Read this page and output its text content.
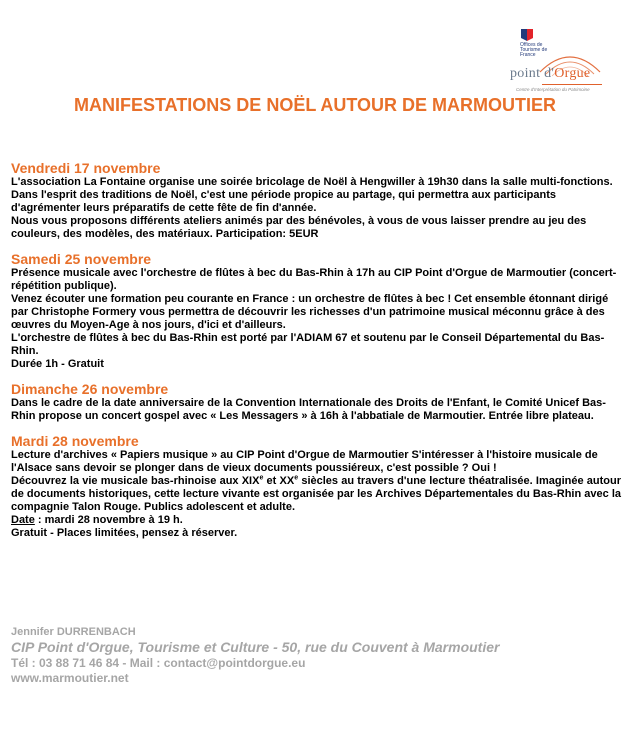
Offices de Tourisme de France
point d'Orgue
Centre d'Interprétation du Patrimoine
MANIFESTATIONS DE NOËL AUTOUR DE MARMOUTIER
Vendredi 17 novembre

L'association La Fontaine organise une soirée bricolage de Noël à Hengwiller à 19h30 dans la salle multi-fonctions. Dans l'esprit des traditions de Noël, c'est une période propice au partage, qui permettra aux participants d'agrémenter leurs préparatifs de cette fête de fin d'année.

Nous vous proposons différents ateliers animés par des bénévoles, à vous de vous laisser prendre au jeu des couleurs, des modèles, des matériaux. Participation: 5EUR

Samedi 25 novembre

Présence musicale avec l'orchestre de flûtes à bec du Bas-Rhin à 17h au CIP Point d'Orgue de Marmoutier (concert-répétition publique).

Venez écouter une formation peu courante en France : un orchestre de flûtes à bec ! Cet ensemble étonnant dirigé par Christophe Formery vous permettra de découvrir les richesses d'un patrimoine musical méconnu grâce à des œuvres du Moyen-Age à nos jours, d'ici et d'ailleurs.

L'orchestre de flûtes à bec du Bas-Rhin est porté par l'ADIAM 67 et soutenu par le Conseil Départemental du Bas-Rhin.

Durée 1h - Gratuit

Dimanche 26 novembre

Dans le cadre de la date anniversaire de la Convention Internationale des Droits de l'Enfant, le Comité Unicef Bas-Rhin propose un concert gospel avec « Les Messagers » à 16h à l'abbatiale de Marmoutier. Entrée libre plateau.

Mardi 28 novembre

Lecture d'archives « Papiers musique » au CIP Point d'Orgue de Marmoutier S'intéresser à l'histoire musicale de l'Alsace sans devoir se plonger dans de vieux documents poussiéreux, c'est possible ? Oui !

Découvrez la vie musicale bas-rhinoise aux XIXe et XXe siècles au travers d'une lecture théatralisée. Imaginée autour de documents historiques, cette lecture vivante est organisée par les Archives Départementales du Bas-Rhin avec la compagnie Talon Rouge. Publics adolescent et adulte.

Date : mardi 28 novembre à 19 h.

Gratuit - Places limitées, pensez à réserver.

Jennifer DURRENBACH
CIP Point d'Orgue, Tourisme et Culture - 50, rue du Couvent à Marmoutier
Tél : 03 88 71 46 84 - Mail : contact@pointdorgue.eu
www.marmoutier.net
